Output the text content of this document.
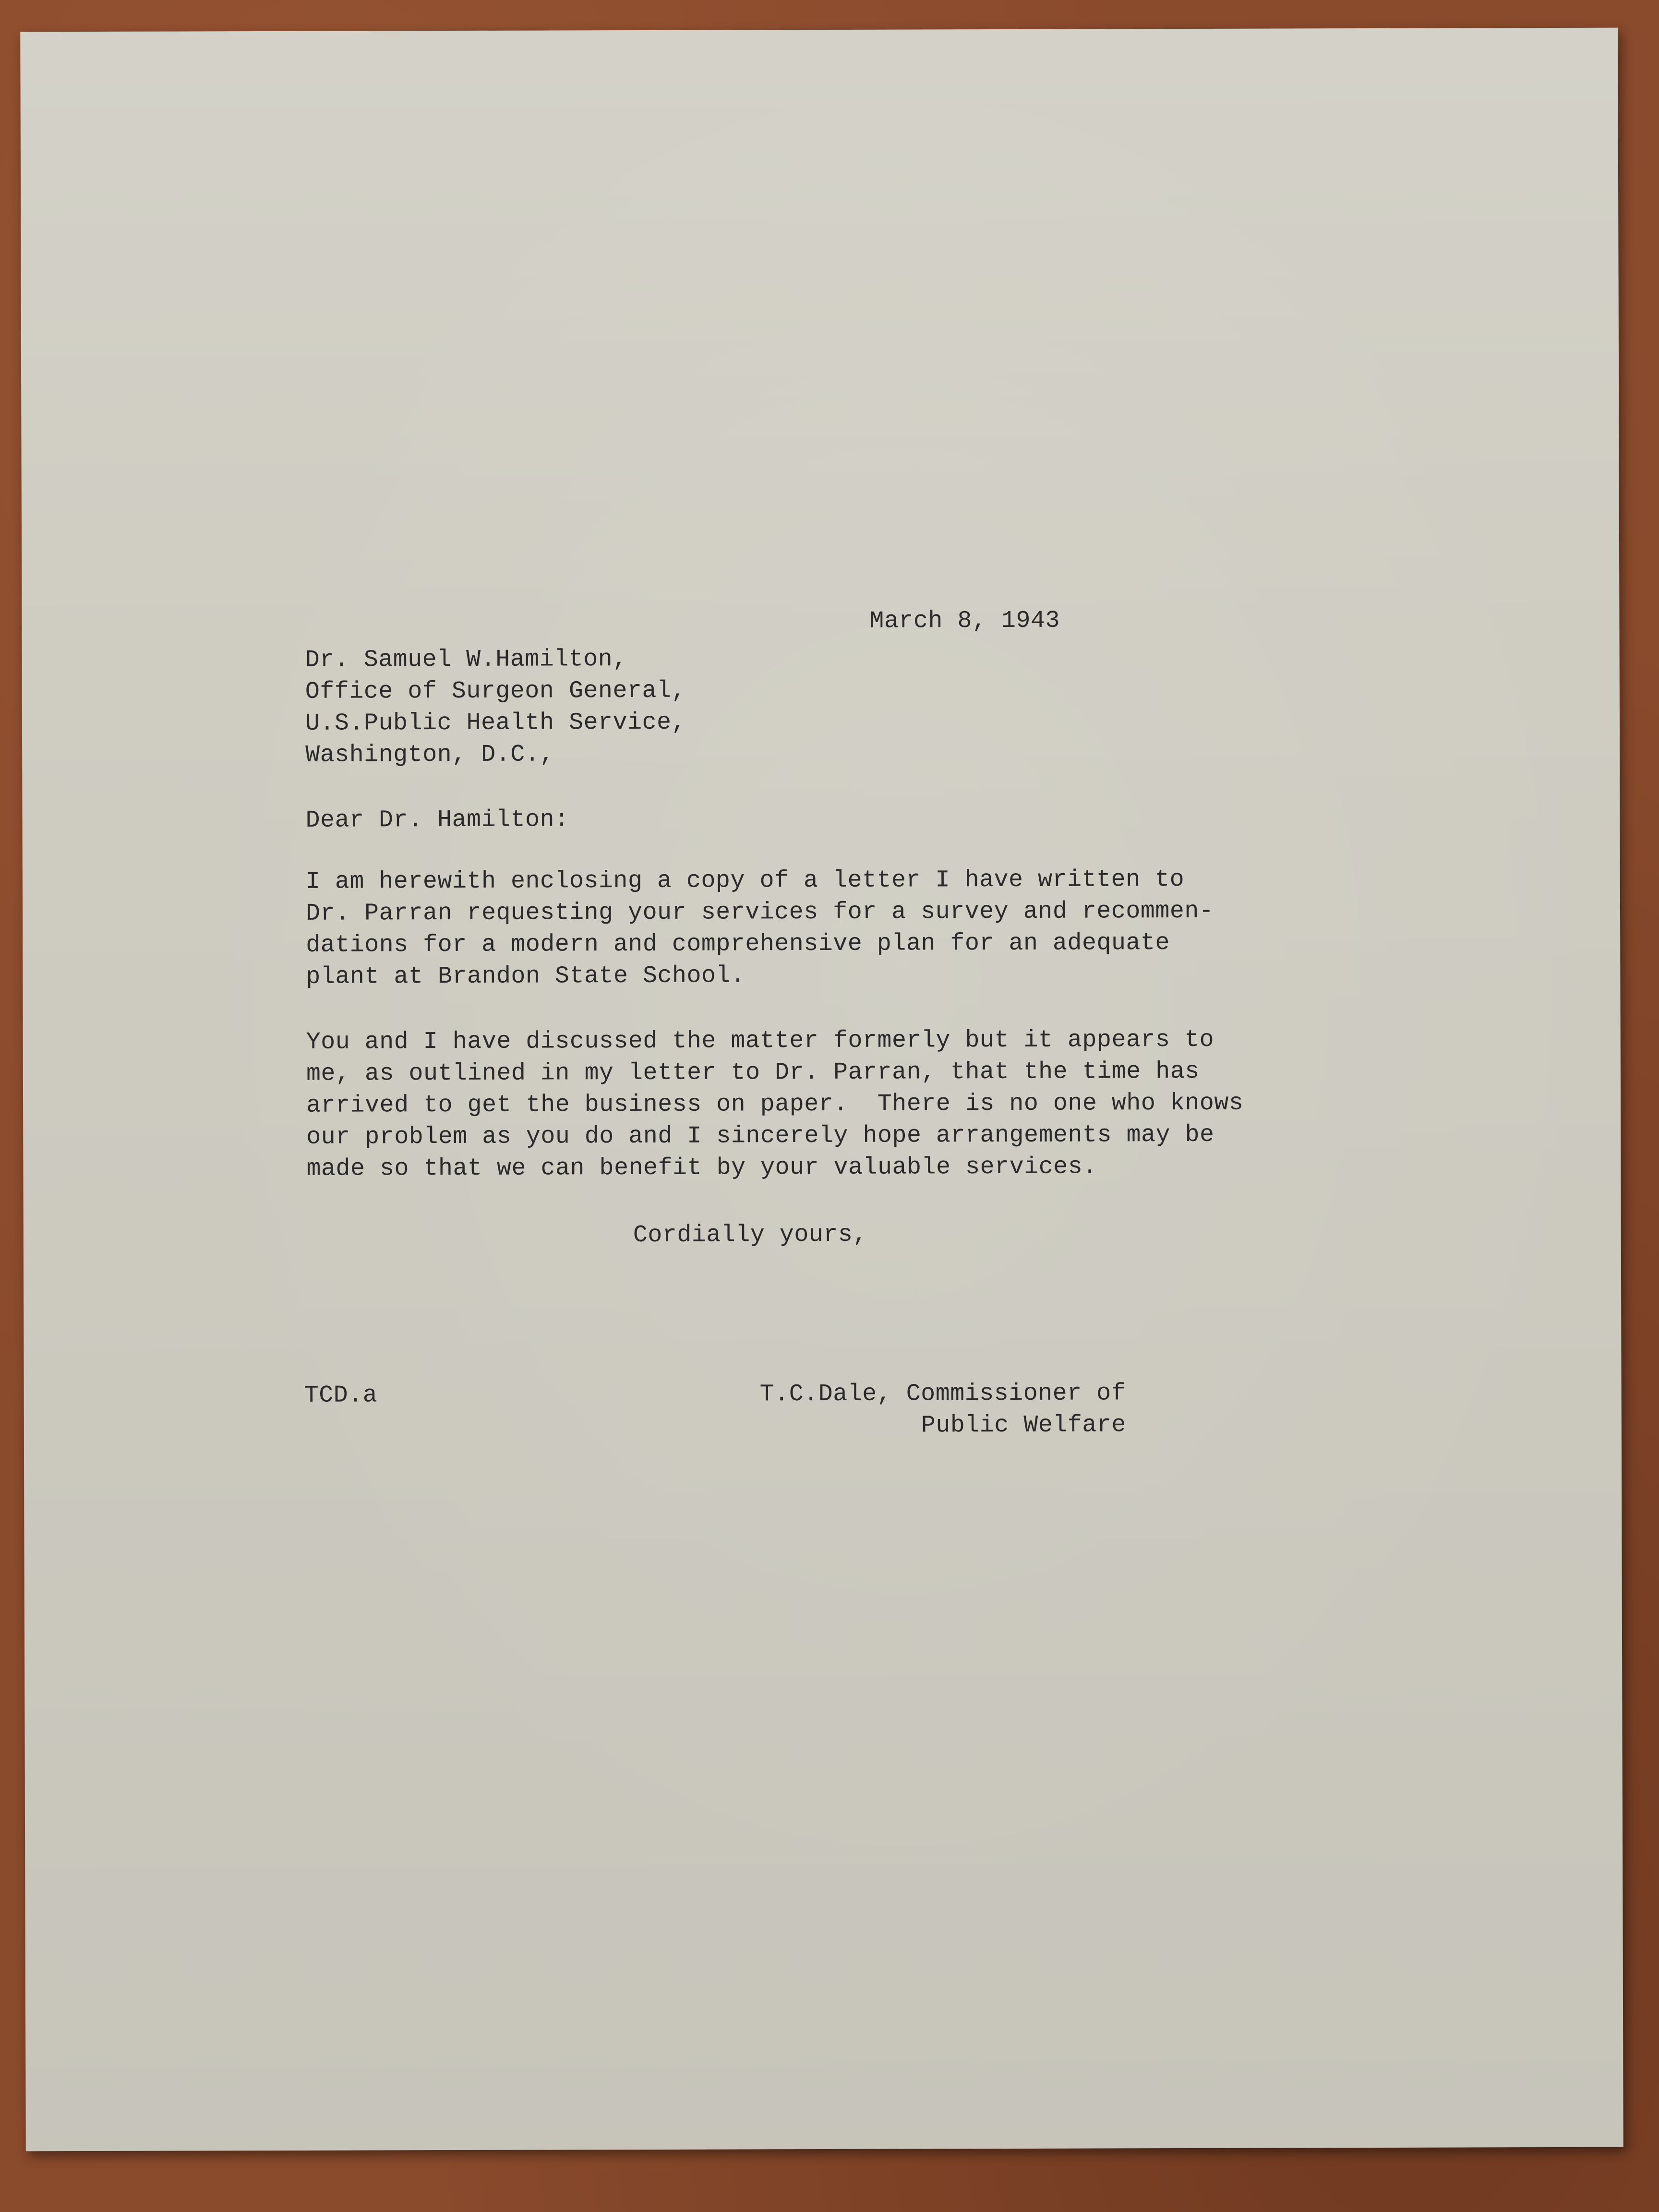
March 8, 1943
Dr. Samuel W.Hamilton,
Office of Surgeon General,
U.S.Public Health Service,
Washington, D.C.,
Dear Dr. Hamilton:
I am herewith enclosing a copy of a letter I have written to
Dr. Parran requesting your services for a survey and recommen-
dations for a modern and comprehensive plan for an adequate
plant at Brandon State School.
You and I have discussed the matter formerly but it appears to
me, as outlined in my letter to Dr. Parran, that the time has
arrived to get the business on paper.  There is no one who knows
our problem as you do and I sincerely hope arrangements may be
made so that we can benefit by your valuable services.
Cordially yours,
TCD.a	T.C.Dale, Commissioner of
Public Welfare
